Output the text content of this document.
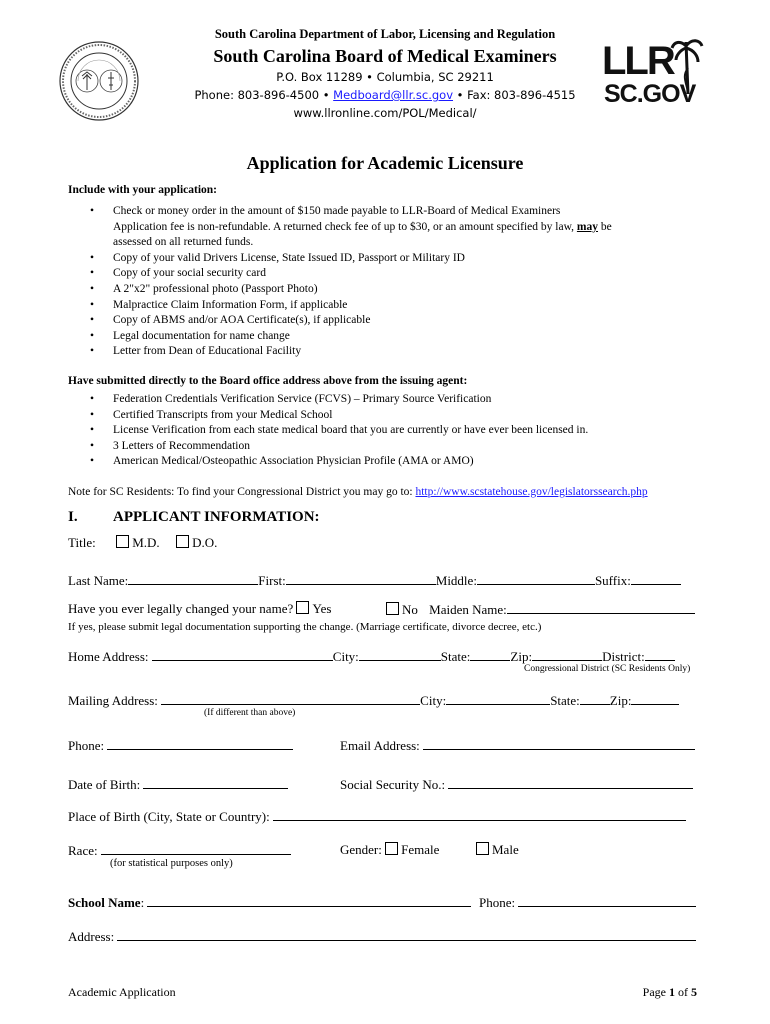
South Carolina Department of Labor, Licensing and Regulation
South Carolina Board of Medical Examiners
P.O. Box 11289 • Columbia, SC 29211
Phone: 803-896-4500 • Medboard@llr.sc.gov • Fax: 803-896-4515
www.llronline.com/POL/Medical/
LLR
SC.GOV
Application for Academic Licensure
Include with your application:
• Check or money order in the amount of $150 made payable to LLR-Board of Medical Examiners
Application fee is non-refundable. A returned check fee of up to $30, or an amount specified by law, may be
assessed on all returned funds.
• Copy of your valid Drivers License, State Issued ID, Passport or Military ID
• Copy of your social security card
• A 2"x2" professional photo (Passport Photo)
• Malpractice Claim Information Form, if applicable
• Copy of ABMS and/or AOA Certificate(s), if applicable
• Legal documentation for name change
• Letter from Dean of Educational Facility
Have submitted directly to the Board office address above from the issuing agent:
• Federation Credentials Verification Service (FCVS) – Primary Source Verification
• Certified Transcripts from your Medical School
• License Verification from each state medical board that you are currently or have ever been licensed in.
• 3 Letters of Recommendation
• American Medical/Osteopathic Association Physician Profile (AMA or AMO)
Note for SC Residents: To find your Congressional District you may go to: http://www.scstatehouse.gov/legislatorssearch.php
I. APPLICANT INFORMATION:
Title:	M.D.	D.O.
Last Name:	First:	Middle:	Suffix:
Have you ever legally changed your name? Yes	No Maiden Name:
If yes, please submit legal documentation supporting the change. (Marriage certificate, divorce decree, etc.)
Home Address:	City:	State:	Zip:	District:
Congressional District (SC Residents Only)
Mailing Address:	City:	State: Zip:
(If different than above)
Phone:	Email Address:
Date of Birth:	Social Security No.:
Place of Birth (City, State or Country):
Race:
(for statistical purposes only)
Gender: Female	Male
School Name:	Phone:
Address:
Academic Application	Page 1 of 5
